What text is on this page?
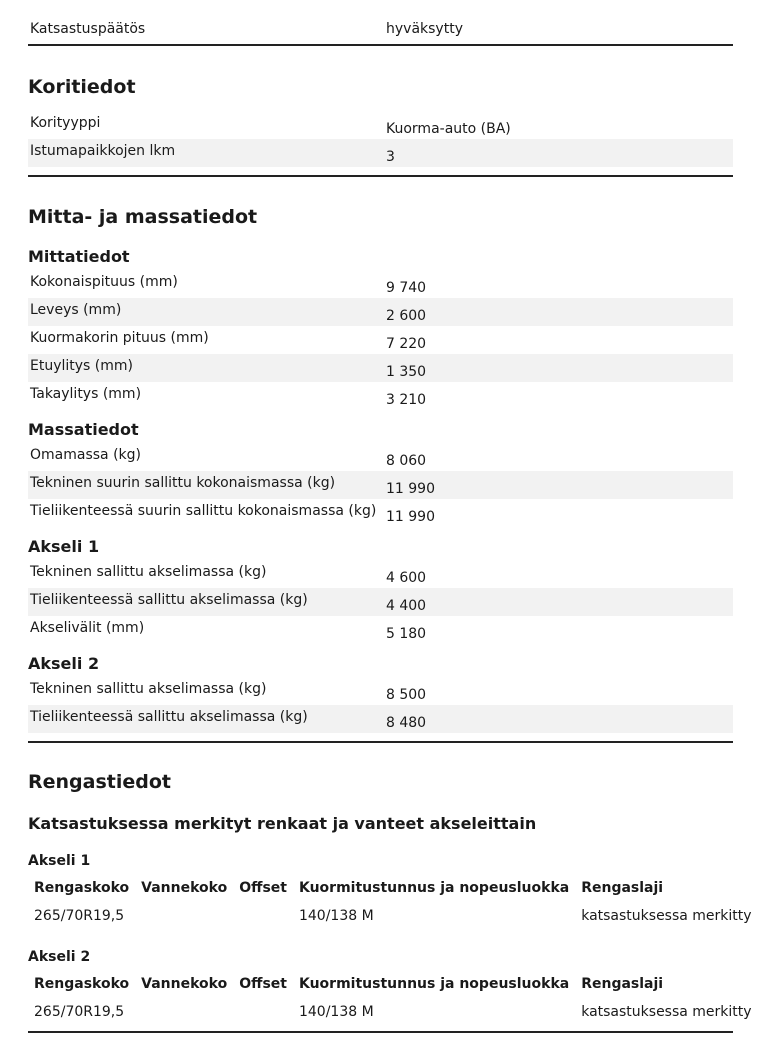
Katsastuspäätös	hyväksytty
Koritiedot
Korityyppi	Kuorma-auto (BA)
Istumapaikkojen lkm	3
Mitta- ja massatiedot
Mittatiedot
Kokonaispituus (mm)	9 740
Leveys (mm)	2 600
Kuormakorin pituus (mm)	7 220
Etuylitys (mm)	1 350
Takaylitys (mm)	3 210
Massatiedot
Omamassa (kg)	8 060
Tekninen suurin sallittu kokonaismassa (kg)	11 990
Tieliikenteessä suurin sallittu kokonaismassa (kg) 11 990
Akseli 1
Tekninen sallittu akselimassa (kg)	4 600
Tieliikenteessä sallittu akselimassa (kg)	4 400
Akselivälit (mm)	5 180
Akseli 2
Tekninen sallittu akselimassa (kg)	8 500
Tieliikenteessä sallittu akselimassa (kg)	8 480
Rengastiedot
Katsastuksessa merkityt renkaat ja vanteet akseleittain
Akseli 1
Rengaskoko	Vannekoko	Offset	Kuormitustunnus ja nopeusluokka	Rengaslaji
265/70R19,5			140/138 M	katsastuksessa merkitty
Akseli 2
Rengaskoko	Vannekoko	Offset	Kuormitustunnus ja nopeusluokka	Rengaslaji
265/70R19,5			140/138 M	katsastuksessa merkitty
